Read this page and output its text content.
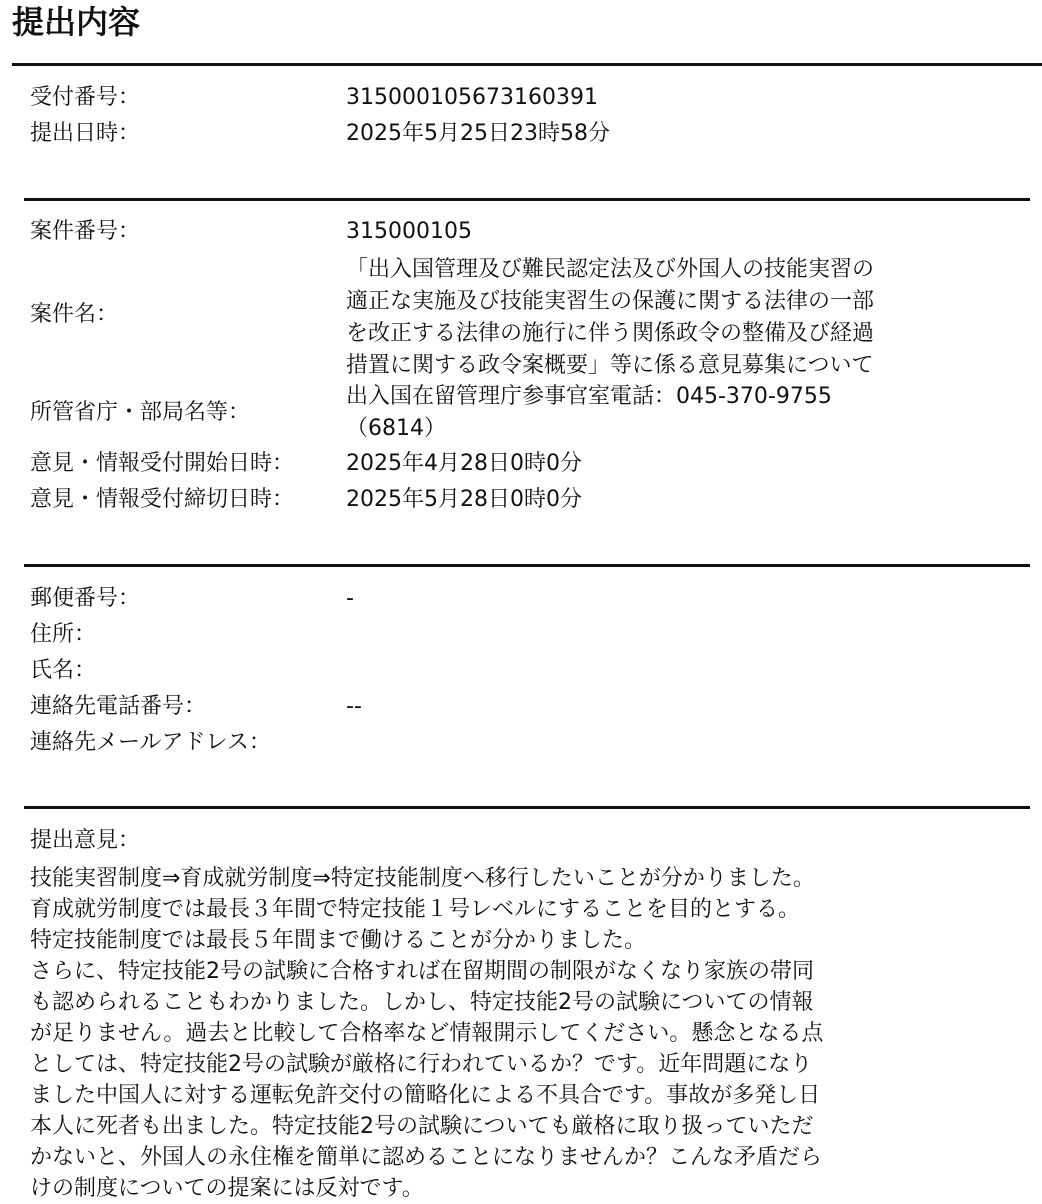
提出内容
受付番号：	315000105673160391
提出日時：	2025年5月25日23時58分
案件番号：	315000105
案件名：
「出入国管理及び難民認定法及び外国人の技能実習の
適正な実施及び技能実習生の保護に関する法律の一部
を改正する法律の施行に伴う関係政令の整備及び経過
措置に関する政令案概要」等に係る意見募集について
所管省庁・部局名等：
出入国在留管理庁参事官室電話：045-370-9755
（6814）
意見・情報受付開始日時： 2025年4月28日0時0分
意見・情報受付締切日時： 2025年5月28日0時0分
郵便番号：	-
住所：
氏名：
連絡先電話番号：	--
連絡先メールアドレス：
提出意見：
技能実習制度⇒育成就労制度⇒特定技能制度へ移行したいことが分かりました。
育成就労制度では最長３年間で特定技能１号レベルにすることを目的とする。
特定技能制度では最長５年間まで働けることが分かりました。
さらに、特定技能2号の試験に合格すれば在留期間の制限がなくなり家族の帯同
も認められることもわかりました。しかし、特定技能2号の試験についての情報
が足りません。過去と比較して合格率など情報開示してください。懸念となる点
としては、特定技能2号の試験が厳格に行われているか？です。近年問題になり
ました中国人に対する運転免許交付の簡略化による不具合です。事故が多発し日
本人に死者も出ました。特定技能2号の試験についても厳格に取り扱っていただ
かないと、外国人の永住権を簡単に認めることになりませんか？こんな矛盾だら
けの制度についての提案には反対です。
